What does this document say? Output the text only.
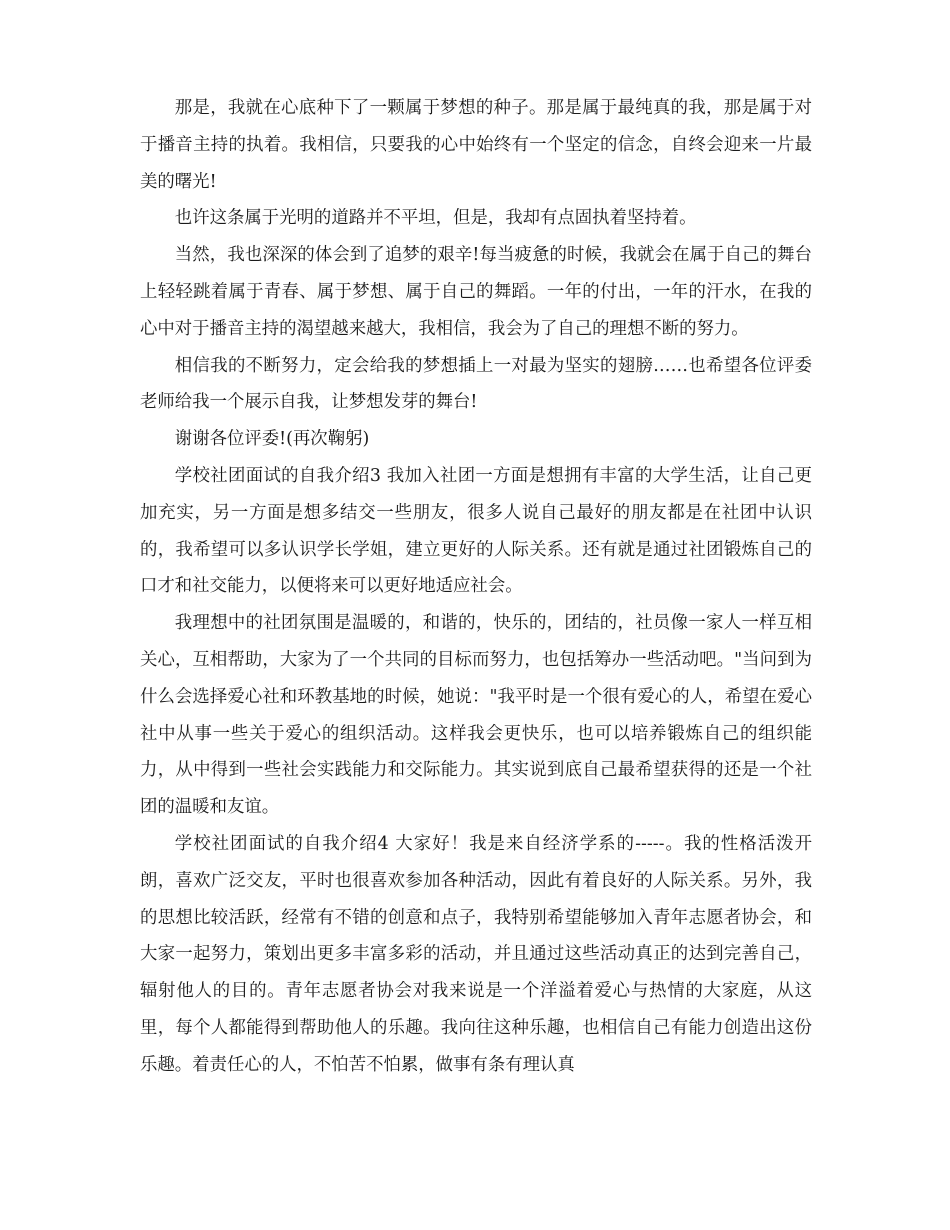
那是，我就在心底种下了一颗属于梦想的种子。那是属于最纯真的我，那是属于对于播音主持的执着。我相信，只要我的心中始终有一个坚定的信念，自终会迎来一片最美的曙光!

也许这条属于光明的道路并不平坦，但是，我却有点固执着坚持着。

当然，我也深深的体会到了追梦的艰辛!每当疲惫的时候，我就会在属于自己的舞台上轻轻跳着属于青春、属于梦想、属于自己的舞蹈。一年的付出，一年的汗水，在我的心中对于播音主持的渴望越来越大，我相信，我会为了自己的理想不断的努力。

相信我的不断努力，定会给我的梦想插上一对最为坚实的翅膀……也希望各位评委老师给我一个展示自我，让梦想发芽的舞台!

谢谢各位评委!(再次鞠躬)

学校社团面试的自我介绍3 我加入社团一方面是想拥有丰富的大学生活，让自己更加充实，另一方面是想多结交一些朋友，很多人说自己最好的朋友都是在社团中认识的，我希望可以多认识学长学姐，建立更好的人际关系。还有就是通过社团锻炼自己的口才和社交能力，以便将来可以更好地适应社会。

我理想中的社团氛围是温暖的，和谐的，快乐的，团结的，社员像一家人一样互相关心，互相帮助，大家为了一个共同的目标而努力，也包括筹办一些活动吧。"当问到为什么会选择爱心社和环教基地的时候，她说："我平时是一个很有爱心的人，希望在爱心社中从事一些关于爱心的组织活动。这样我会更快乐，也可以培养锻炼自己的组织能力，从中得到一些社会实践能力和交际能力。其实说到底自己最希望获得的还是一个社团的温暖和友谊。

学校社团面试的自我介绍4 大家好！我是来自经济学系的-----。我的性格活泼开朗，喜欢广泛交友，平时也很喜欢参加各种活动，因此有着良好的人际关系。另外，我的思想比较活跃，经常有不错的创意和点子，我特别希望能够加入青年志愿者协会，和大家一起努力，策划出更多丰富多彩的活动，并且通过这些活动真正的达到完善自己，辐射他人的目的。青年志愿者协会对我来说是一个洋溢着爱心与热情的大家庭，从这里，每个人都能得到帮助他人的乐趣。我向往这种乐趣，也相信自己有能力创造出这份乐趣。着责任心的人，不怕苦不怕累，做事有条有理认真
